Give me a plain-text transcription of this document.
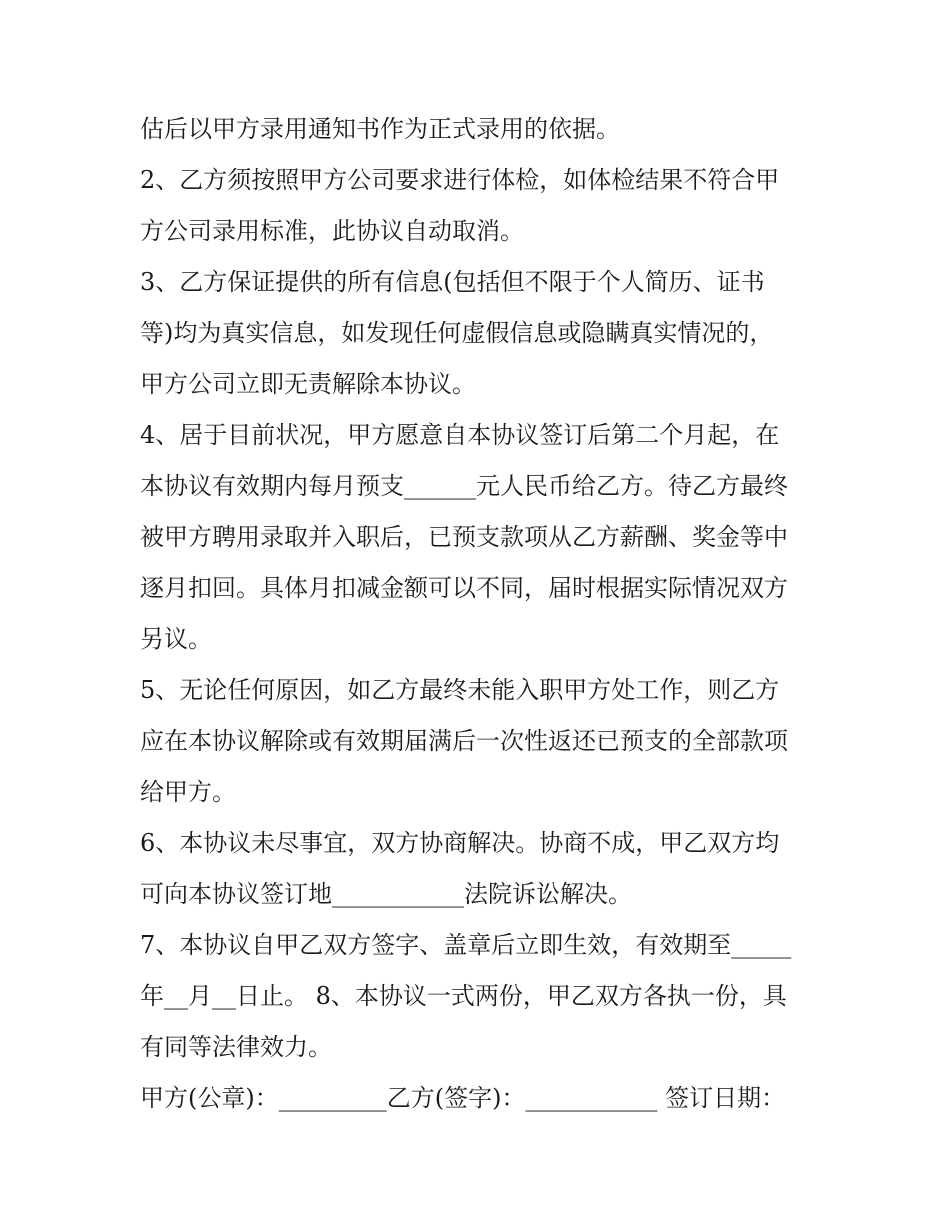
估后以甲方录用通知书作为正式录用的依据。

2、乙方须按照甲方公司要求进行体检，如体检结果不符合甲

方公司录用标准，此协议自动取消。

3、乙方保证提供的所有信息(包括但不限于个人简历、证书

等)均为真实信息，如发现任何虚假信息或隐瞒真实情况的，

甲方公司立即无责解除本协议。

4、居于目前状况，甲方愿意自本协议签订后第二个月起，在

本协议有效期内每月预支______元人民币给乙方。待乙方最终

被甲方聘用录取并入职后，已预支款项从乙方薪酬、奖金等中

逐月扣回。具体月扣减金额可以不同，届时根据实际情况双方

另议。

5、无论任何原因，如乙方最终未能入职甲方处工作，则乙方

应在本协议解除或有效期届满后一次性返还已预支的全部款项

给甲方。

6、本协议未尽事宜，双方协商解决。协商不成，甲乙双方均

可向本协议签订地___________法院诉讼解决。

7、本协议自甲乙双方签字、盖章后立即生效，有效期至_____

年__月__日止。 8、本协议一式两份，甲乙双方各执一份，具

有同等法律效力。

甲方(公章)：_________乙方(签字)：___________ 签订日期：
